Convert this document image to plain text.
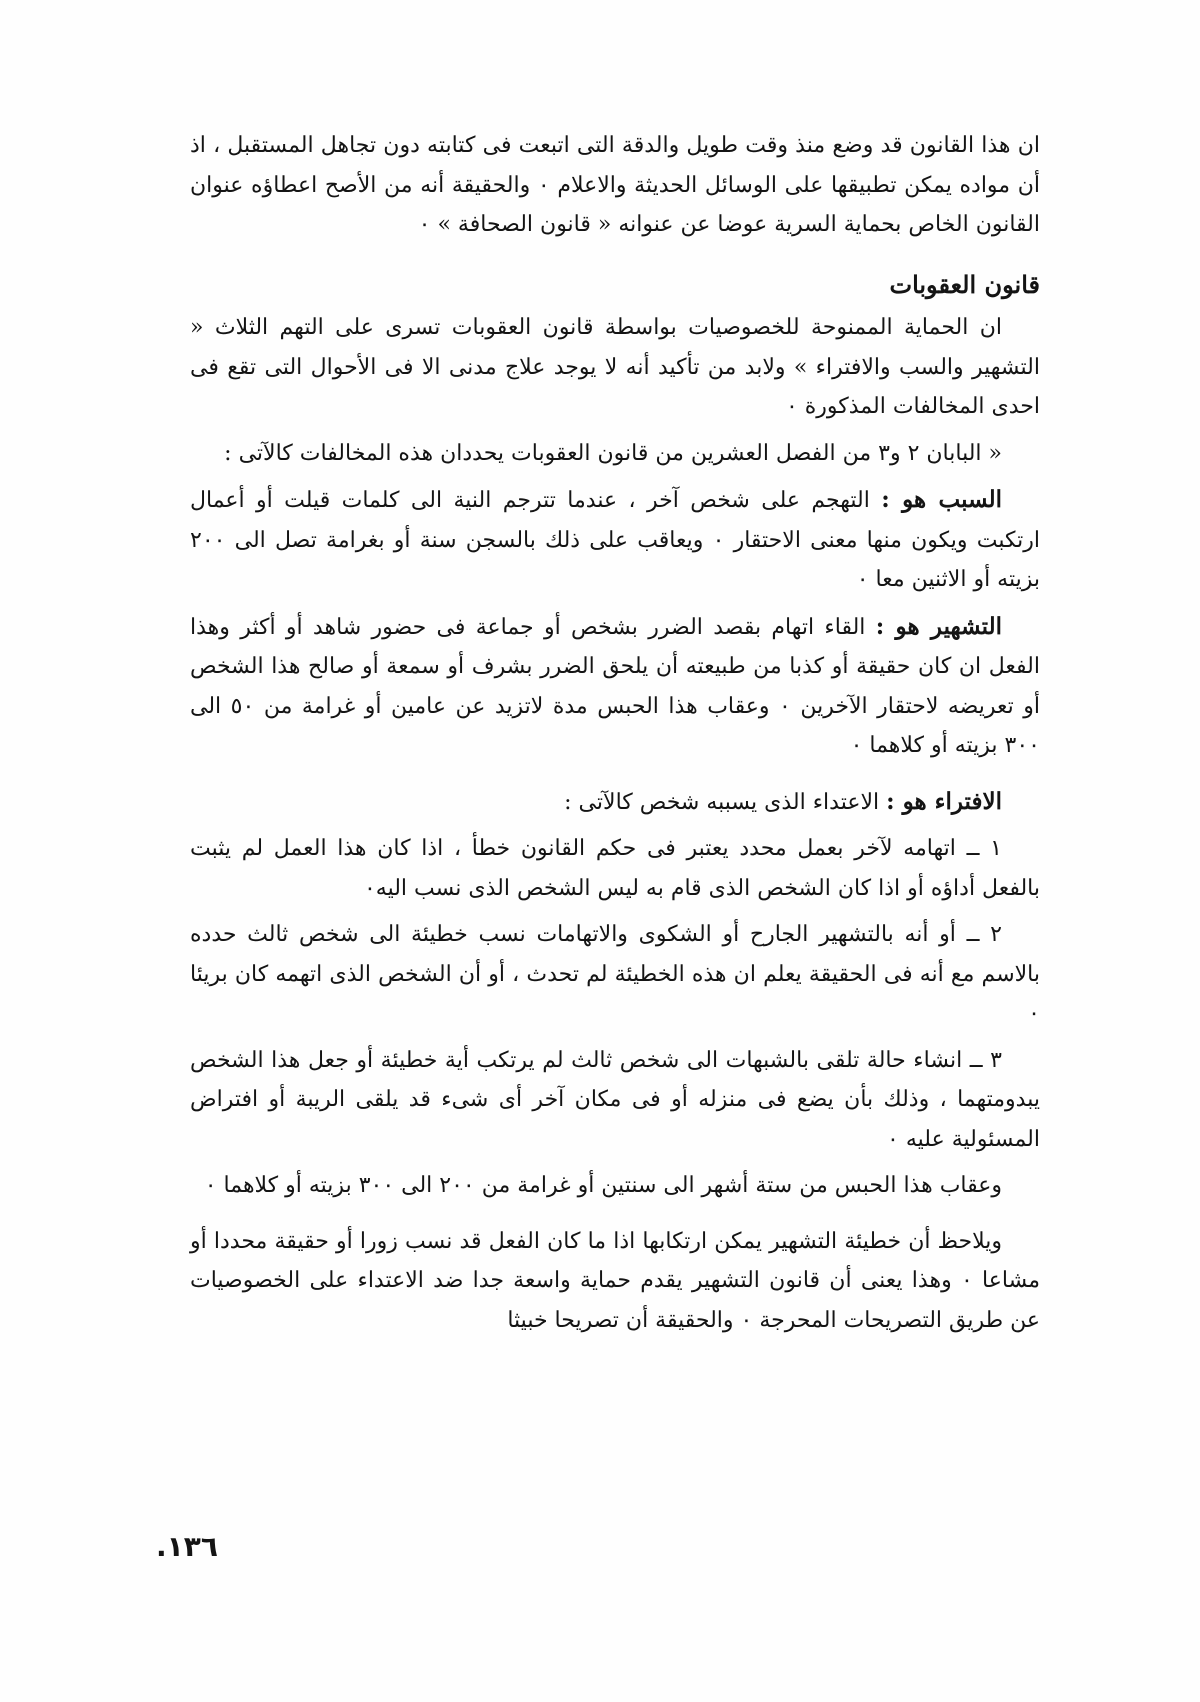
ان هذا القانون قد وضع منذ وقت طويل والدقة التى اتبعت فى كتابته دون تجاهل المستقبل ، اذ أن مواده يمكن تطبيقها على الوسائل الحديثة والاعلام ٠ والحقيقة أنه من الأصح اعطاؤه عنوان القانون الخاص بحماية السرية عوضا عن عنوانه « قانون الصحافة » ٠

قانون العقوبات

ان الحماية الممنوحة للخصوصيات بواسطة قانون العقوبات تسرى على التهم الثلاث « التشهير والسب والافتراء » ولابد من تأكيد أنه لا يوجد علاج مدنى الا فى الأحوال التى تقع فى احدى المخالفات المذكورة ٠

« البابان ٢ و٣ من الفصل العشرين من قانون العقوبات يحددان هذه المخالفات كالآتى :

السبب هو : التهجم على شخص آخر ، عندما تترجم النية الى كلمات قيلت أو أعمال ارتكبت ويكون منها معنى الاحتقار ٠ ويعاقب على ذلك بالسجن سنة أو بغرامة تصل الى ٢٠٠ بزيته أو الاثنين معا ٠

التشهير هو : القاء اتهام بقصد الضرر بشخص أو جماعة فى حضور شاهد أو أكثر وهذا الفعل ان كان حقيقة أو كذبا من طبيعته أن يلحق الضرر بشرف أو سمعة أو صالح هذا الشخص أو تعريضه لاحتقار الآخرين ٠ وعقاب هذا الحبس مدة لاتزيد عن عامين أو غرامة من ٥٠ الى ٣٠٠ بزيته أو كلاهما ٠

الافتراء هو : الاعتداء الذى يسببه شخص كالآتى :

١ ــ اتهامه لآخر بعمل محدد يعتبر فى حكم القانون خطأ ، اذا كان هذا العمل لم يثبت بالفعل أداؤه أو اذا كان الشخص الذى قام به ليس الشخص الذى نسب اليه٠

٢ ــ أو أنه بالتشهير الجارح أو الشكوى والاتهامات نسب خطيئة الى شخص ثالث حدده بالاسم مع أنه فى الحقيقة يعلم ان هذه الخطيئة لم تحدث ، أو أن الشخص الذى اتهمه كان بريئا ٠

٣ ــ انشاء حالة تلقى بالشبهات الى شخص ثالث لم يرتكب أية خطيئة أو جعل هذا الشخص يبدومتهما ، وذلك بأن يضع فى منزله أو فى مكان آخر أى شىء قد يلقى الريبة أو افتراض المسئولية عليه ٠

وعقاب هذا الحبس من ستة أشهر الى سنتين أو غرامة من ٢٠٠ الى ٣٠٠ بزيته أو كلاهما ٠

ويلاحظ أن خطيئة التشهير يمكن ارتكابها اذا ما كان الفعل قد نسب زورا أو حقيقة محددا أو مشاعا ٠ وهذا يعنى أن قانون التشهير يقدم حماية واسعة جدا ضد الاعتداء على الخصوصيات عن طريق التصريحات المحرجة ٠ والحقيقة أن تصريحا خبيثا

١٣٦.
